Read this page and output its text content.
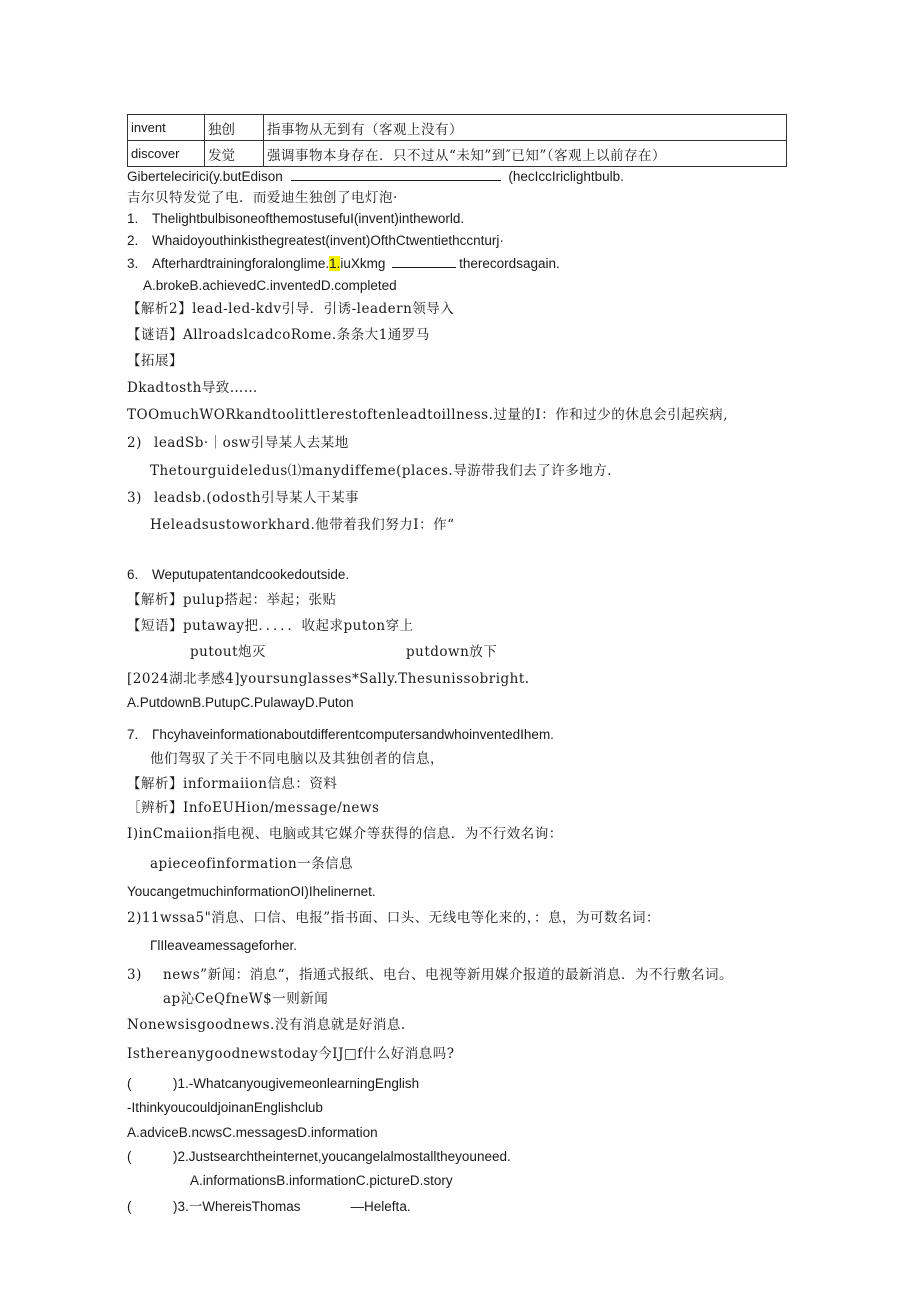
invent	独创	指事物从无到有（客观上没有）
discover	发觉	强调事物本身存在．只不过从“未知”到″已知”（客观上以前存在）
Gibertelecirici(y.butEdison	(hecIccIriclightbulb.
吉尔贝特发觉了电．而爱迪生独创了电灯泡·
1. ThelightbulbisoneofthemostusefuI(invent)intheworld.
2. Whaidoyouthinkisthegreatest(invent)OfthCtwentiethccnturj·
3. Afterhardtrainingforalonglime.1.iuXkmg	therecordsagain.
A.brokeB.achievedC.inventedD.completed
【解析2】lead-led-kdv引导．引诱-leadern领导入
【谜语】AllroadslcadcoRome.条条大1通罗马
【拓展】
Dkadtosth导致……
TOOmuchWORkandtoolittlerestoftenleadtoillness.过量的I：作和过少的休息会引起疾病,
2) leadSb·｜osw引导某人去某地
Thetourguideledus⑴manydiffeme(places.导游带我们去了许多地方.
3) leadsb.(odosth引导某人干某事
Heleadsustoworkhard.他带着我们努力I：作“
6. Weputupatentandcookedoutside.
【解析】pulup搭起：举起；张贴
【短语】putaway把．．．．．收起求puton穿上
putout炮灭	putdown放下
[2024湖北孝感4]yoursunglasses*Sally.Thesunissobright.
A.PutdownB.PutupC.PulawayD.Puton
7. ΓhcyhaveinformationaboutdifferentcomputersandwhoinventedIhem.
他们驾驭了关于不同电脑以及其独创者的信息，
【解析】informaiion信息：资料
［辨析】InfoEUHion/message/news
I)inCmaiion指电视、电脑或其它媒介等获得的信息．为不行效名询：
apieceofinformation一条信息
YoucangetmuchinformationOI)Ihelinernet.
2)11wssa5"消息、口信、电报”指书面、口头、无线电等化来的，：息，为可数名词：
ΓlIleaveamessageforher.
3) news”新闻：消息“，指通式报纸、电台、电视等新用媒介报道的最新消息．为不行敷名词。
ap沁CeQfneW$一则新闻
Nonewsisgoodnews.没有消息就是好消息.
Isthereanygoodnewstoday今IJ□f什么好消息吗?
(	)1.-WhatcanyougivemeonlearningEnglish
-IthinkyoucouldjoinanEnglishclub
A.adviceB.ncwsC.messagesD.information
(	)2.Justsearchtheinternet,youcangelalmostalltheyouneed.
A.informationsB.informationC.pictureD.story
(	)3.一WhereisThomas	—Helefta.
